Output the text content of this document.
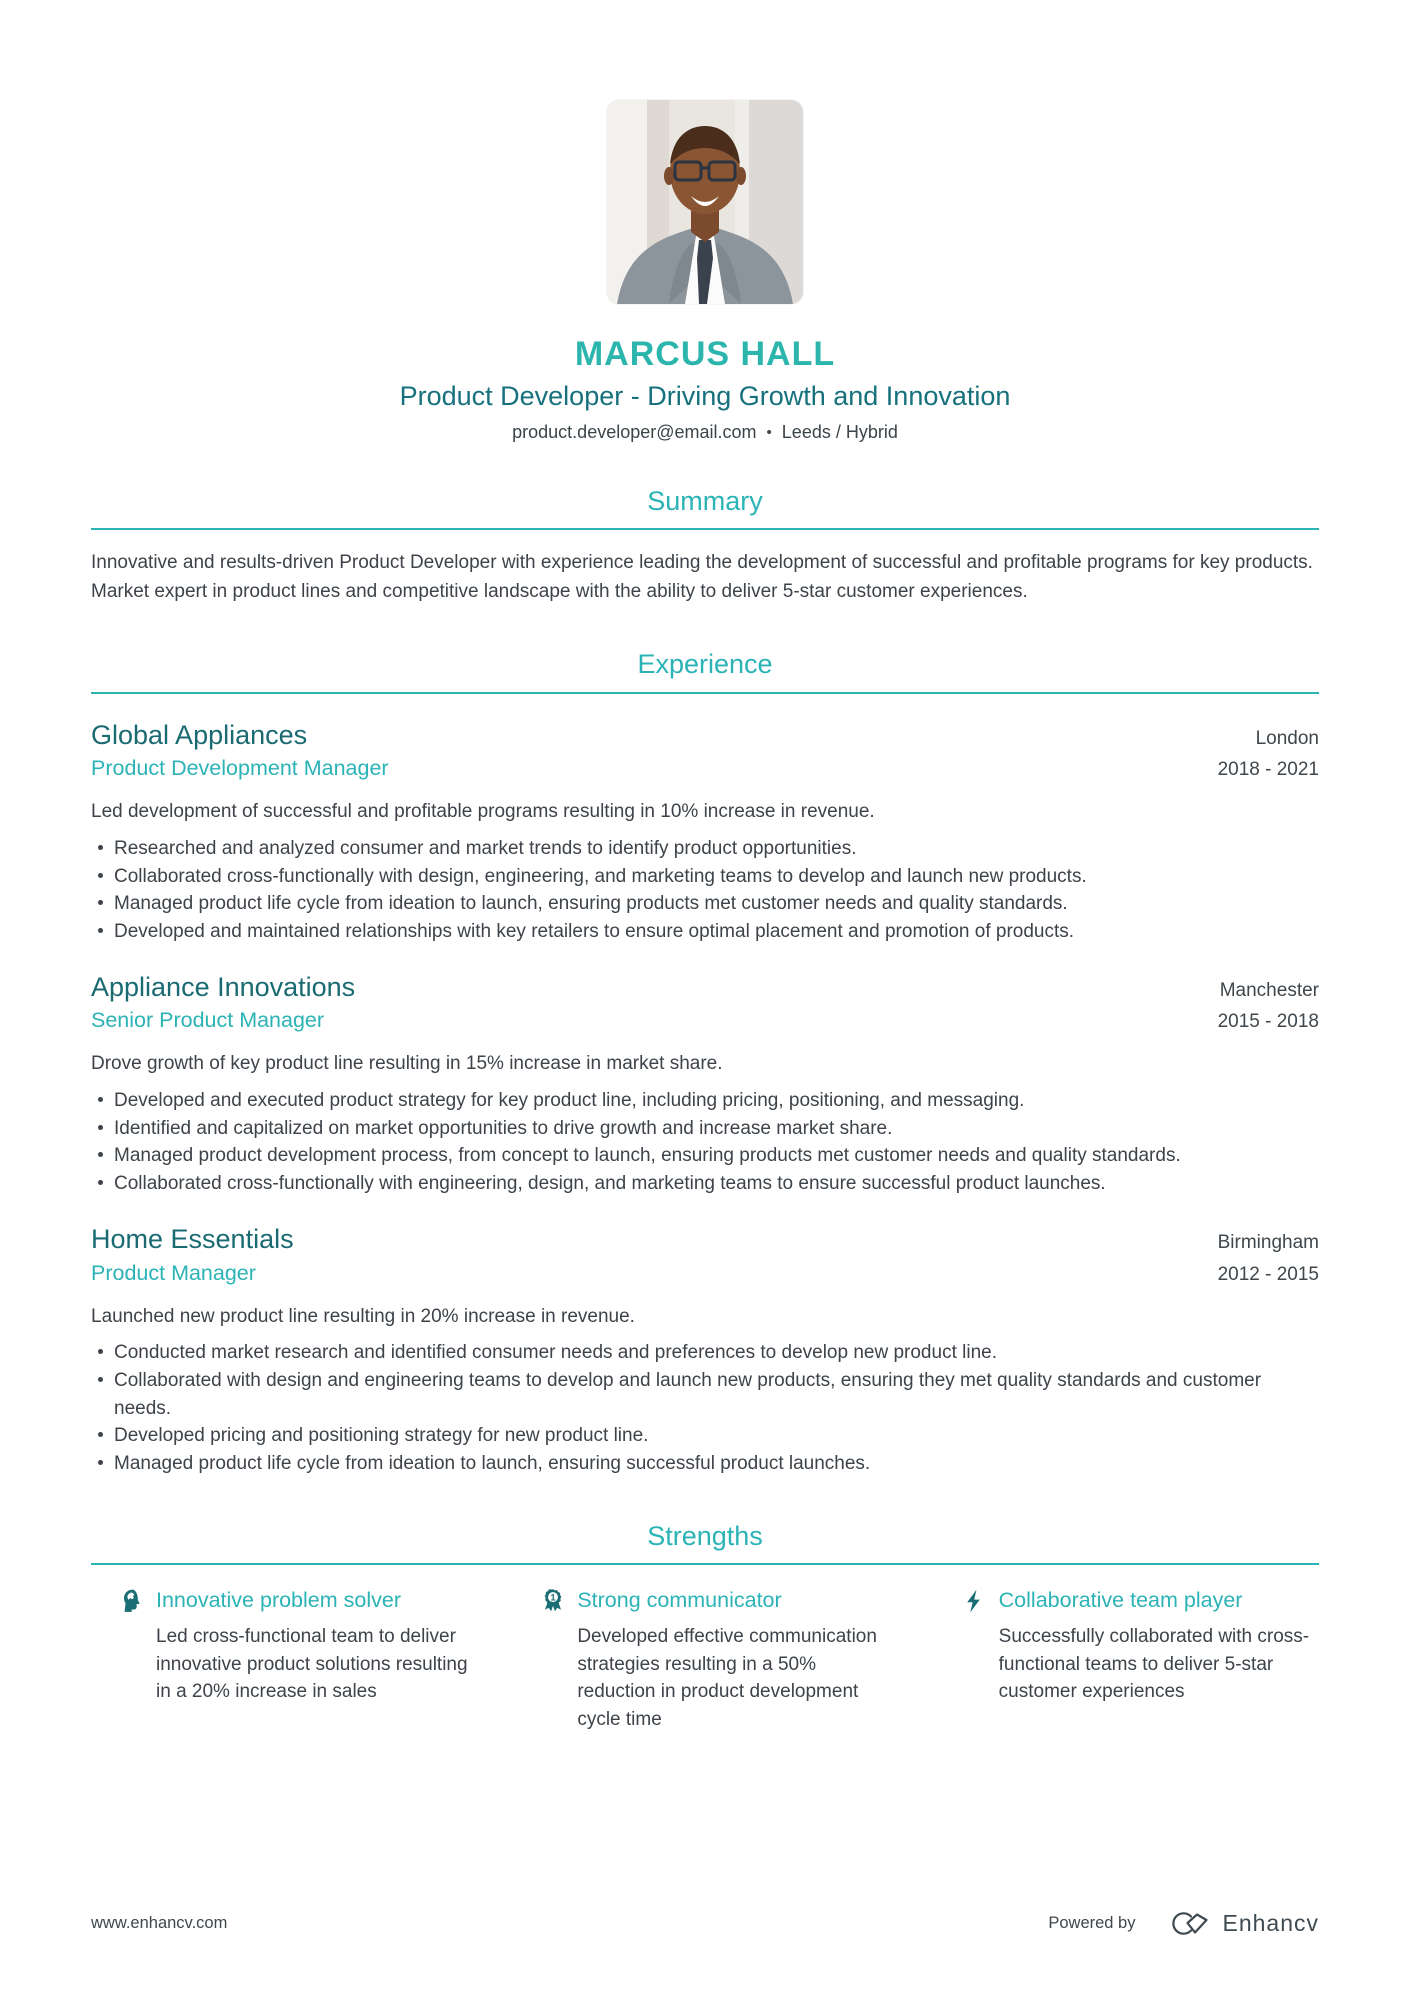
MARCUS HALL
Product Developer - Driving Growth and Innovation
product.developer@email.com • Leeds / Hybrid
Summary
Innovative and results-driven Product Developer with experience leading the development of successful and profitable programs for key products. Market expert in product lines and competitive landscape with the ability to deliver 5-star customer experiences.
Experience
Global Appliances	London
Product Development Manager	2018 - 2021
Led development of successful and profitable programs resulting in 10% increase in revenue.
Researched and analyzed consumer and market trends to identify product opportunities.
Collaborated cross-functionally with design, engineering, and marketing teams to develop and launch new products.
Managed product life cycle from ideation to launch, ensuring products met customer needs and quality standards.
Developed and maintained relationships with key retailers to ensure optimal placement and promotion of products.
Appliance Innovations	Manchester
Senior Product Manager	2015 - 2018
Drove growth of key product line resulting in 15% increase in market share.
Developed and executed product strategy for key product line, including pricing, positioning, and messaging.
Identified and capitalized on market opportunities to drive growth and increase market share.
Managed product development process, from concept to launch, ensuring products met customer needs and quality standards.
Collaborated cross-functionally with engineering, design, and marketing teams to ensure successful product launches.
Home Essentials	Birmingham
Product Manager	2012 - 2015
Launched new product line resulting in 20% increase in revenue.
Conducted market research and identified consumer needs and preferences to develop new product line.
Collaborated with design and engineering teams to develop and launch new products, ensuring they met quality standards and customer needs.
Developed pricing and positioning strategy for new product line.
Managed product life cycle from ideation to launch, ensuring successful product launches.
Strengths
Innovative problem solver
Led cross-functional team to deliver innovative product solutions resulting in a 20% increase in sales
1 Strong communicator
Developed effective communication strategies resulting in a 50% reduction in product development cycle time
Collaborative team player
Successfully collaborated with cross-functional teams to deliver 5-star customer experiences
www.enhancv.com	Powered by	Enhancv
